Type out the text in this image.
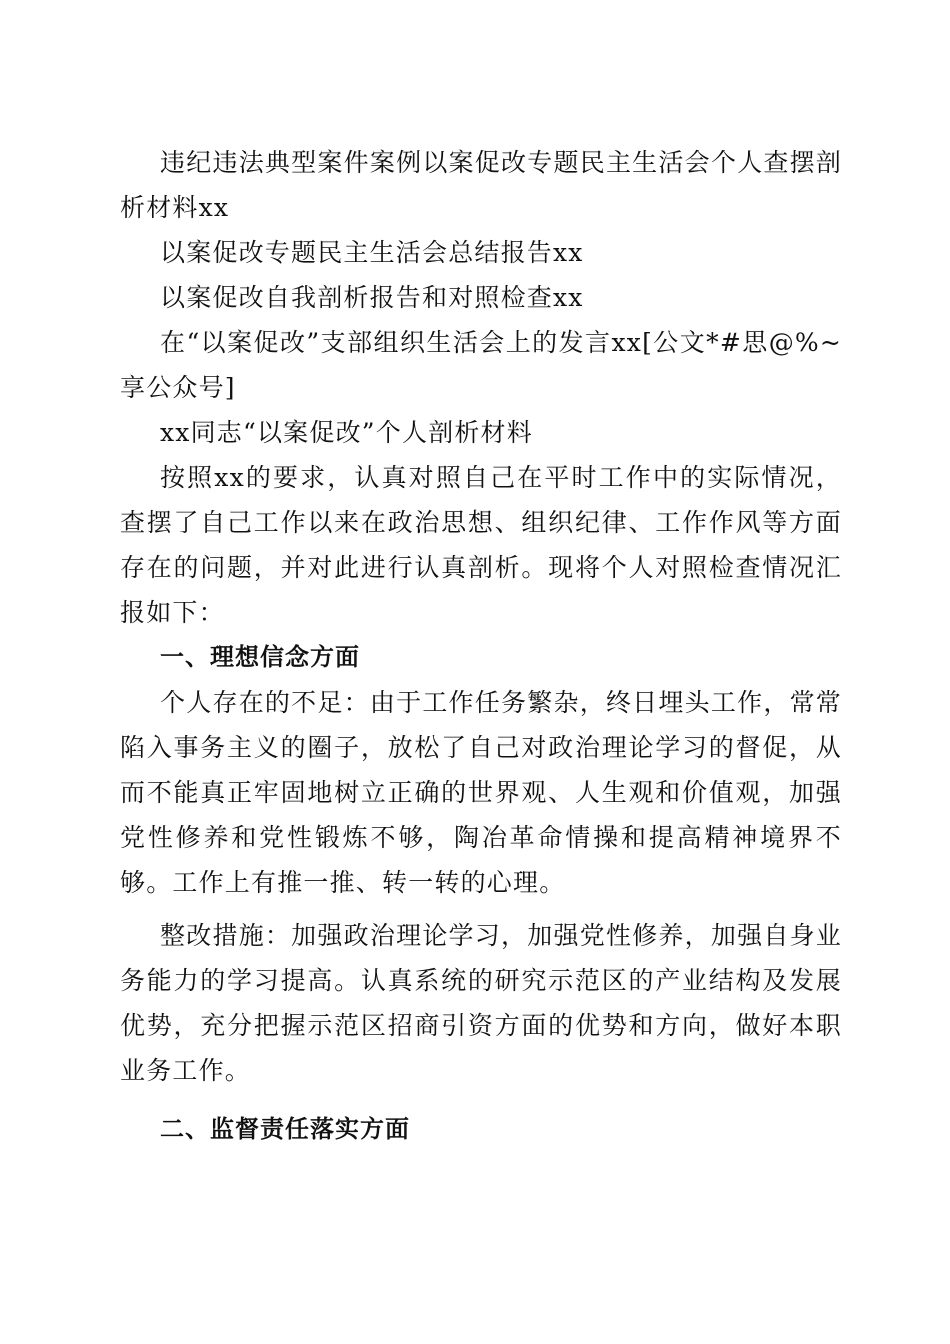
违纪违法典型案件案例以案促改专题民主生活会个人查摆剖析材料xx

以案促改专题民主生活会总结报告xx

以案促改自我剖析报告和对照检查xx

在“以案促改”支部组织生活会上的发言xx[公文*#思@%~享公众号]

xx同志“以案促改”个人剖析材料

按照xx的要求，认真对照自己在平时工作中的实际情况，查摆了自己工作以来在政治思想、组织纪律、工作作风等方面存在的问题，并对此进行认真剖析。现将个人对照检查情况汇报如下：

一、理想信念方面

个人存在的不足：由于工作任务繁杂，终日埋头工作，常常陷入事务主义的圈子，放松了自己对政治理论学习的督促，从而不能真正牢固地树立正确的世界观、人生观和价值观，加强党性修养和党性锻炼不够，陶冶革命情操和提高精神境界不够。工作上有推一推、转一转的心理。

整改措施：加强政治理论学习，加强党性修养，加强自身业务能力的学习提高。认真系统的研究示范区的产业结构及发展优势，充分把握示范区招商引资方面的优势和方向，做好本职业务工作。

二、监督责任落实方面
